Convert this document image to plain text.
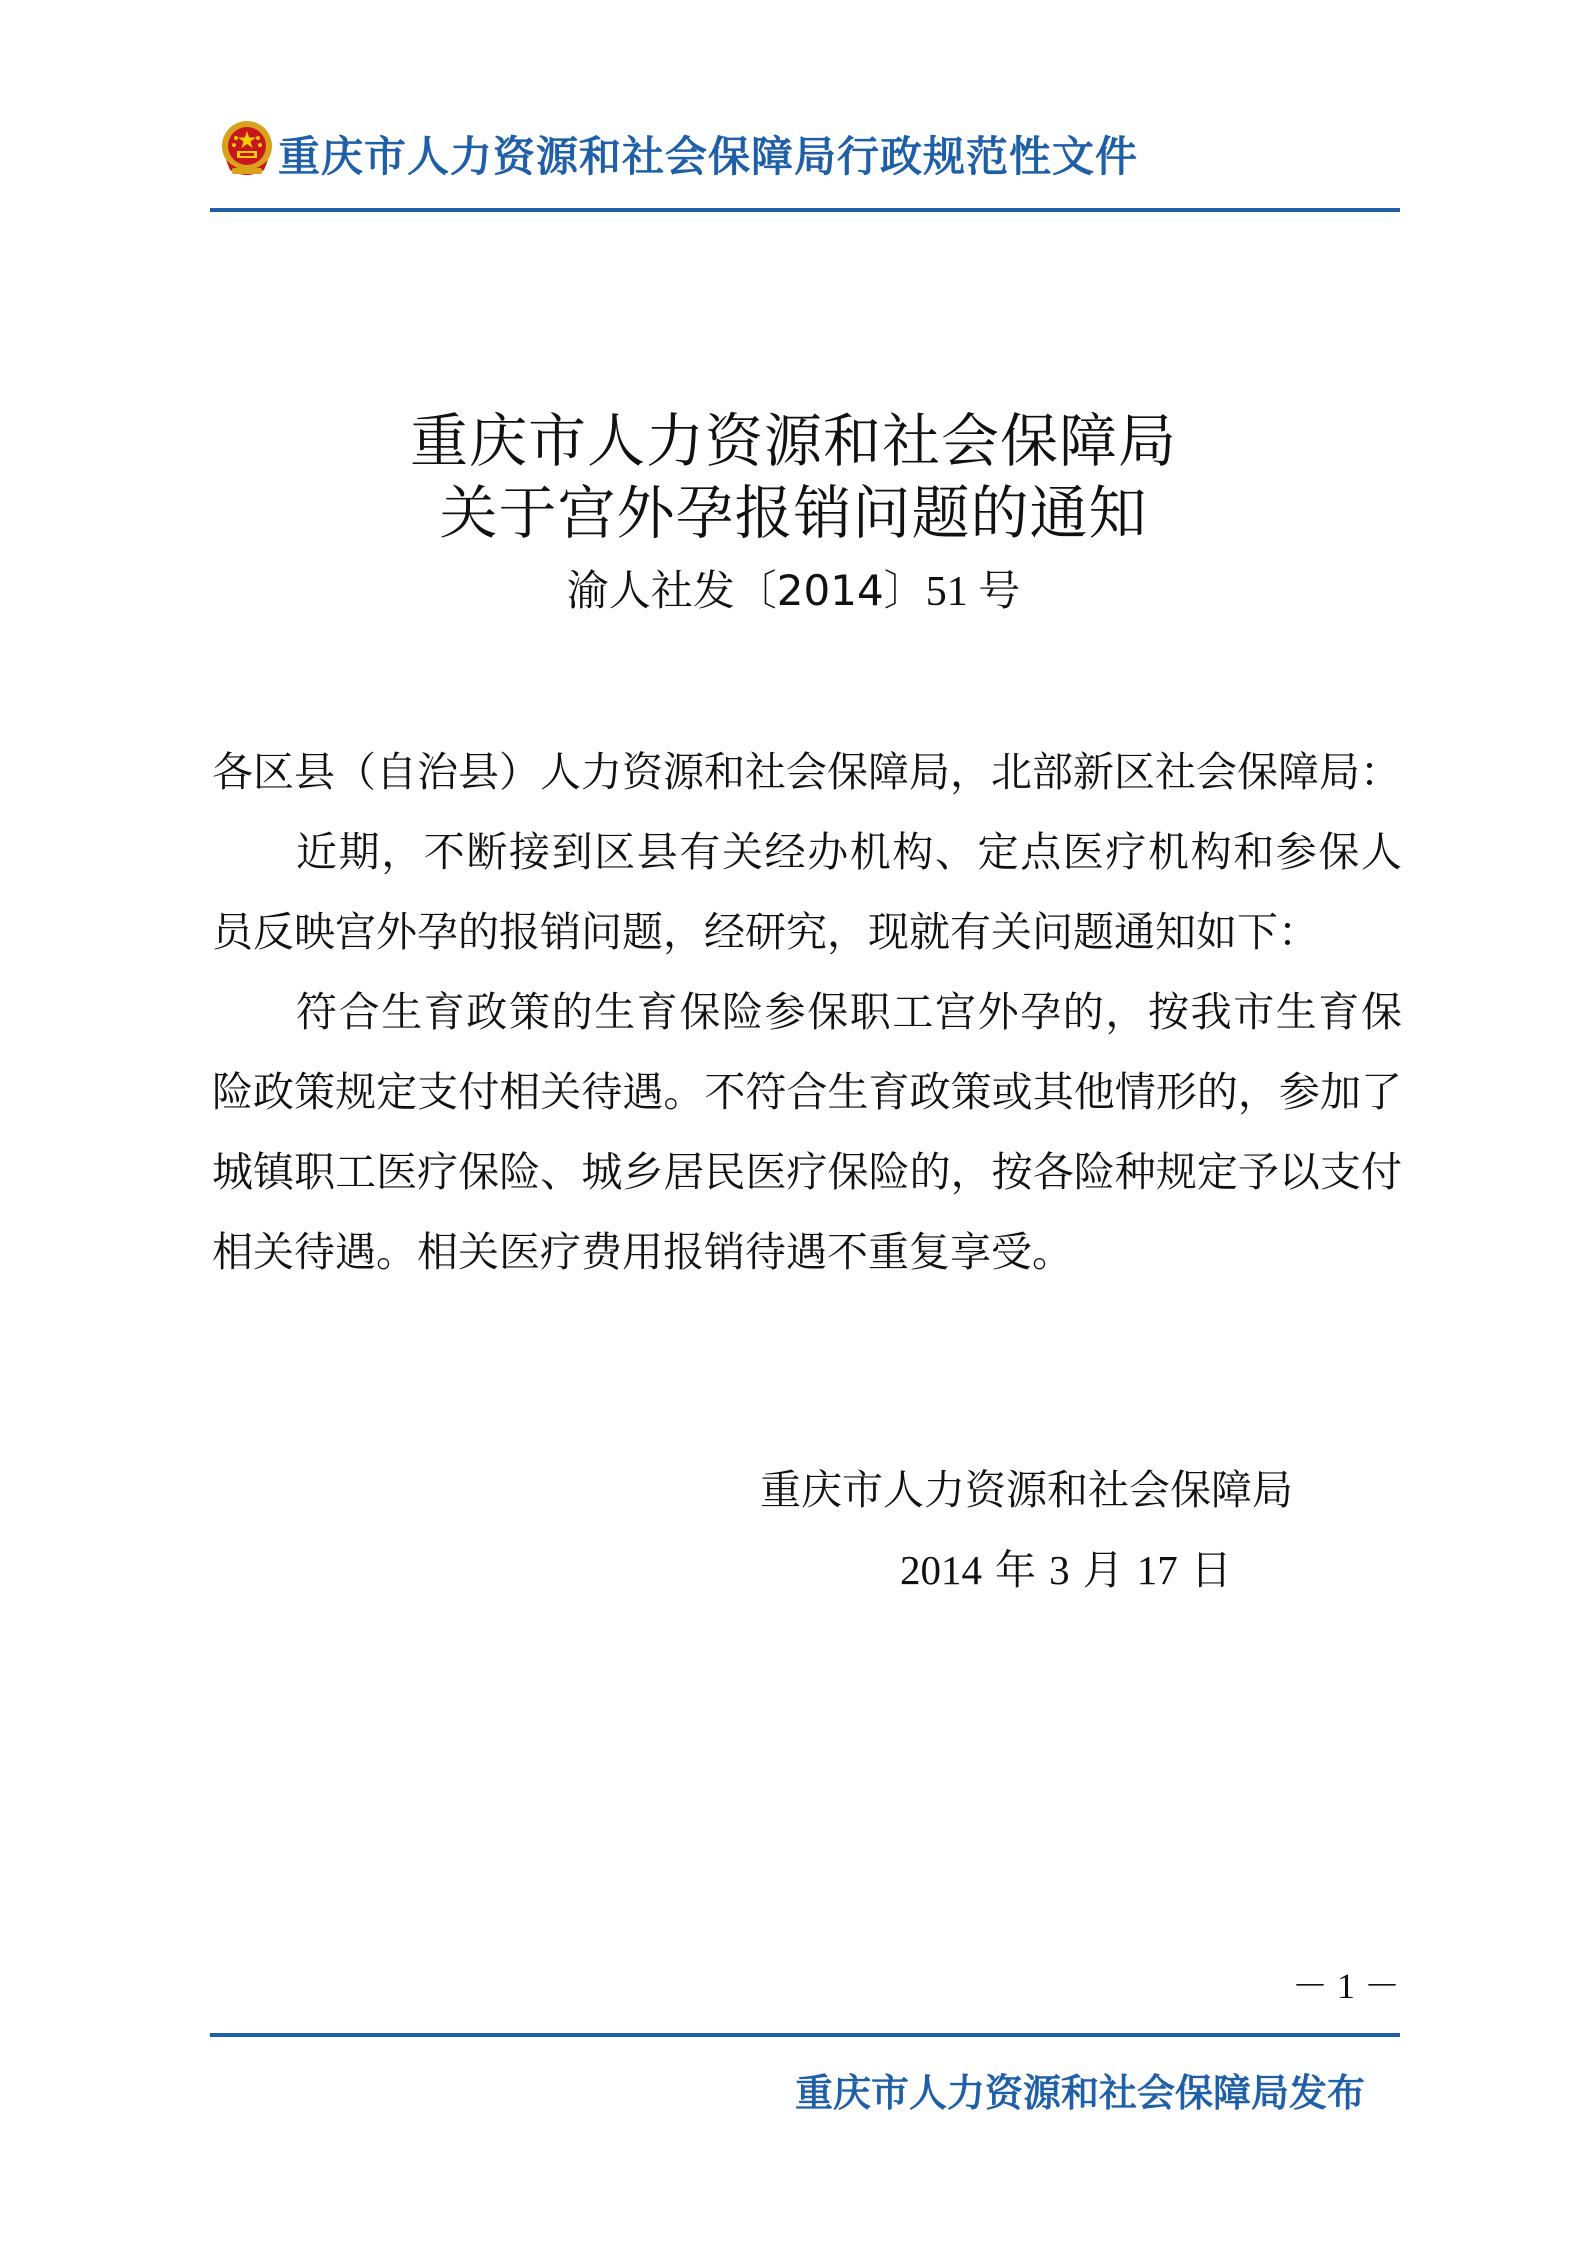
重庆市人力资源和社会保障局行政规范性文件
重庆市人力资源和社会保障局
关于宫外孕报销问题的通知
渝人社发〔2014〕51 号

各区县（自治县）人力资源和社会保障局，北部新区社会保障局：

近期，不断接到区县有关经办机构、定点医疗机构和参保人员反映宫外孕的报销问题，经研究，现就有关问题通知如下：

符合生育政策的生育保险参保职工宫外孕的，按我市生育保险政策规定支付相关待遇。不符合生育政策或其他情形的，参加了城镇职工医疗保险、城乡居民医疗保险的，按各险种规定予以支付相关待遇。相关医疗费用报销待遇不重复享受。

重庆市人力资源和社会保障局
2014 年 3 月 17 日
－ 1 －
重庆市人力资源和社会保障局发布
